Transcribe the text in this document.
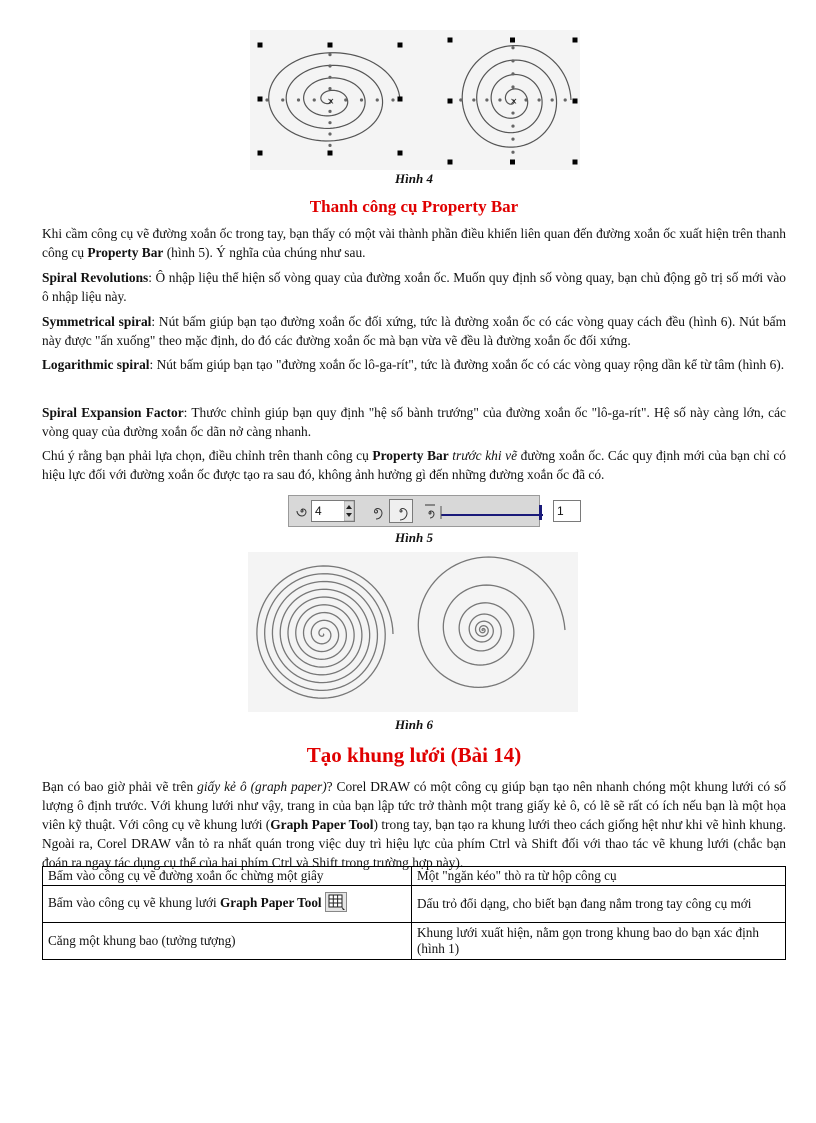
×	×
Hình 4
Thanh công cụ Property Bar

Khi cầm công cụ vẽ đường xoắn ốc trong tay, bạn thấy có một vài thành phần điều khiển liên quan đến đường xoắn ốc xuất hiện trên thanh công cụ Property Bar (hình 5). Ý nghĩa của chúng như sau.

Spiral Revolutions: Ô nhập liệu thể hiện số vòng quay của đường xoắn ốc. Muốn quy định số vòng quay, bạn chủ động gõ trị số mới vào ô nhập liệu này.

Symmetrical spiral: Nút bấm giúp bạn tạo đường xoắn ốc đối xứng, tức là đường xoắn ốc có các vòng quay cách đều (hình 6). Nút bấm này được "ấn xuống" theo mặc định, do đó các đường xoắn ốc mà bạn vừa vẽ đều là đường xoắn ốc đối xứng.

Logarithmic spiral: Nút bấm giúp bạn tạo "đường xoắn ốc lô-ga-rít", tức là đường xoắn ốc có các vòng quay rộng dần kể từ tâm (hình 6).

Spiral Expansion Factor: Thước chỉnh giúp bạn quy định "hệ số bành trướng" của đường xoắn ốc "lô-ga-rít". Hệ số này càng lớn, các vòng quay của đường xoắn ốc dãn nở càng nhanh.

Chú ý rằng bạn phải lựa chọn, điều chỉnh trên thanh công cụ Property Bar trước khi vẽ đường xoắn ốc. Các quy định mới của bạn chỉ có hiệu lực đối với đường xoắn ốc được tạo ra sau đó, không ảnh hưởng gì đến những đường xoắn ốc đã có.

4	1
Hình 5
Hình 6
Tạo khung lưới (Bài 14)

Bạn có bao giờ phải vẽ trên giấy kẻ ô (graph paper)? Corel DRAW có một công cụ giúp bạn tạo nên nhanh chóng một khung lưới có số lượng ô định trước. Với khung lưới như vậy, trang in của bạn lập tức trở thành một trang giấy kẻ ô, có lẽ sẽ rất có ích nếu bạn là một họa viên kỹ thuật. Với công cụ vẽ khung lưới (Graph Paper Tool) trong tay, bạn tạo ra khung lưới theo cách giống hệt như khi vẽ hình khung. Ngoài ra, Corel DRAW vẫn tỏ ra nhất quán trong việc duy trì hiệu lực của phím Ctrl và Shift đối với thao tác vẽ khung lưới (chắc bạn đoán ra ngay tác dụng cụ thể của hai phím Ctrl và Shift trong trường hợp này).

Bấm vào công cụ vẽ đường xoắn ốc chừng một giây	Một "ngăn kéo" thò ra từ hộp công cụ
Bấm vào công cụ vẽ khung lưới Graph Paper Tool	Dấu trỏ đổi dạng, cho biết bạn đang nắm trong tay công cụ mới
Căng một khung bao (tưởng tượng)	Khung lưới xuất hiện, nằm gọn trong khung bao do bạn xác định (hình 1)
